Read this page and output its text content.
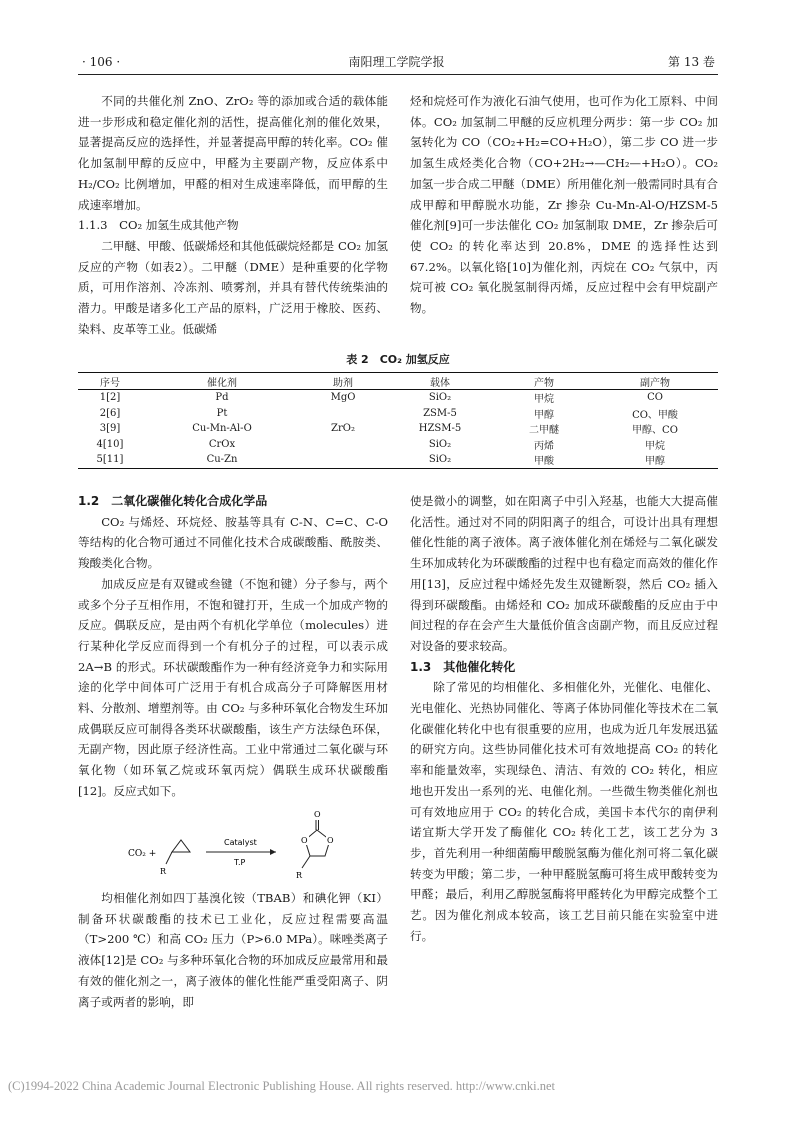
· 106 ·	南阳理工学院学报	第 13 卷

不同的共催化剂 ZnO、ZrO₂ 等的添加或合适的载体能进一步形成和稳定催化剂的活性，提高催化剂的催化效果，显著提高反应的选择性，并显著提高甲醇的转化率。CO₂ 催化加氢制甲醇的反应中，甲醛为主要副产物，反应体系中 H₂/CO₂ 比例增加，甲醛的相对生成速率降低，而甲醇的生成速率增加。

1.1.3　CO₂ 加氢生成其他产物

二甲醚、甲酸、低碳烯烃和其他低碳烷烃都是 CO₂ 加氢反应的产物（如表2）。二甲醚（DME）是种重要的化学物质，可用作溶剂、冷冻剂、喷雾剂，并具有替代传统柴油的潜力。甲酸是诸多化工产品的原料，广泛用于橡胶、医药、染料、皮革等工业。低碳烯

烃和烷烃可作为液化石油气使用，也可作为化工原料、中间体。CO₂ 加氢制二甲醚的反应机理分两步：第一步 CO₂ 加氢转化为 CO（CO₂+H₂=CO+H₂O），第二步 CO 进一步加氢生成烃类化合物（CO+2H₂→—CH₂—+H₂O）。CO₂ 加氢一步合成二甲醚（DME）所用催化剂一般需同时具有合成甲醇和甲醇脱水功能，Zr 掺杂 Cu-Mn-Al-O/HZSM-5 催化剂[9]可一步法催化 CO₂ 加氢制取 DME，Zr 掺杂后可使 CO₂ 的转化率达到 20.8%，DME 的选择性达到 67.2%。以氧化铬[10]为催化剂，丙烷在 CO₂ 气氛中，丙烷可被 CO₂ 氧化脱氢制得丙烯，反应过程中会有甲烷副产物。

表 2　CO₂ 加氢反应
序号	催化剂	助剂	载体	产物	副产物
1[2]	Pd	MgO	SiO₂	甲烷	CO
2[6]	Pt		ZSM-5	甲醇	CO、甲酸
3[9]	Cu-Mn-Al-O	ZrO₂	HZSM-5	二甲醚	甲醇、CO
4[10]	CrOx		SiO₂	丙烯	甲烷
5[11]	Cu-Zn		SiO₂	甲酸	甲醇
1.2　二氧化碳催化转化合成化学品

CO₂ 与烯烃、环烷烃、胺基等具有 C-N、C=C、C-O 等结构的化合物可通过不同催化技术合成碳酸酯、酰胺类、羧酸类化合物。

加成反应是有双键或叁键（不饱和键）分子参与，两个或多个分子互相作用，不饱和键打开，生成一个加成产物的反应。偶联反应，是由两个有机化学单位（molecules）进行某种化学反应而得到一个有机分子的过程，可以表示成 2A→B 的形式。环状碳酸酯作为一种有经济竞争力和实际用途的化学中间体可广泛用于有机合成高分子可降解医用材料、分散剂、增塑剂等。由 CO₂ 与多种环氧化合物发生环加成偶联反应可制得各类环状碳酸酯，该生产方法绿色环保，无副产物，因此原子经济性高。工业中常通过二氧化碳与环氧化物（如环氧乙烷或环氧丙烷）偶联生成环状碳酸酯[12]。反应式如下。

CO₂ +
R
Catalyst
T.P
O
O O
R

均相催化剂如四丁基溴化铵（TBAB）和碘化钾（KI）制备环状碳酸酯的技术已工业化，反应过程需要高温（T>200 ℃）和高 CO₂ 压力（P>6.0 MPa）。咪唑类离子液体[12]是 CO₂ 与多种环氧化合物的环加成反应最常用和最有效的催化剂之一，离子液体的催化性能严重受阳离子、阴离子或两者的影响，即

使是微小的调整，如在阳离子中引入羟基，也能大大提高催化活性。通过对不同的阴阳离子的组合，可设计出具有理想催化性能的离子液体。离子液体催化剂在烯烃与二氧化碳发生环加成转化为环碳酸酯的过程中也有稳定而高效的催化作用[13]，反应过程中烯烃先发生双键断裂，然后 CO₂ 插入得到环碳酸酯。由烯烃和 CO₂ 加成环碳酸酯的反应由于中间过程的存在会产生大量低价值含卤副产物，而且反应过程对设备的要求较高。

1.3　其他催化转化

除了常见的均相催化、多相催化外，光催化、电催化、光电催化、光热协同催化、等离子体协同催化等技术在二氧化碳催化转化中也有很重要的应用，也成为近几年发展迅猛的研究方向。这些协同催化技术可有效地提高 CO₂ 的转化率和能量效率，实现绿色、清洁、有效的 CO₂ 转化，相应地也开发出一系列的光、电催化剂。一些微生物类催化剂也可有效地应用于 CO₂ 的转化合成，美国卡本代尔的南伊利诺宜斯大学开发了酶催化 CO₂ 转化工艺，该工艺分为 3 步，首先利用一种细菌酶甲酸脱氢酶为催化剂可将二氧化碳转变为甲酸；第二步，一种甲醛脱氢酶可将生成甲酸转变为甲醛；最后，利用乙醇脱氢酶将甲醛转化为甲醇完成整个工艺。因为催化剂成本较高，该工艺目前只能在实验室中进行。

(C)1994-2022 China Academic Journal Electronic Publishing House. All rights reserved. http://www.cnki.net
